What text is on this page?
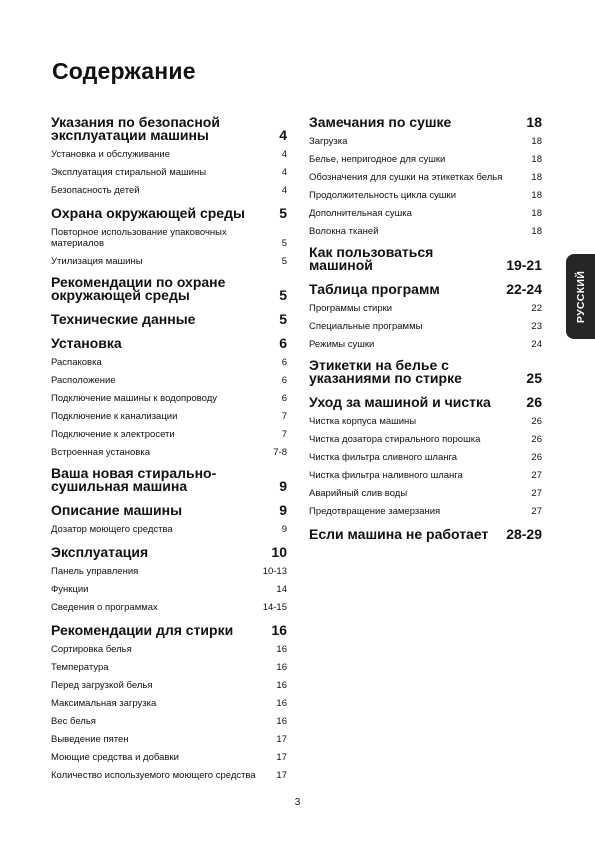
Содержание
Указания по безопасной
эксплуатации машины	4
Установка и обслуживание	4
Эксплуатация стиральной машины	4
Безопасность детей	4
Охрана окружающей среды	5
Повторное использование упаковочных
материалов	5
Утилизация машины	5
Рекомендации по охране
окружающей среды	5
Технические данные	5
Установка	6
Распаковка	6
Расположение	6
Подключение машины к водопроводу	6
Подключение к канализации	7
Подключение к электросети	7
Встроенная установка	7-8
Ваша новая стирально-
сушильная машина	9
Описание машины	9
Дозатор моющего средства	9
Эксплуатация	10
Панель управления	10-13
Функции	14
Сведения о программах	14-15
Рекомендации для стирки	16
Сортировка белья	16
Температура	16
Перед загрузкой белья	16
Максимальная загрузка	16
Вес белья	16
Выведение пятен	17
Моющие средства и добавки	17
Количество используемого моющего средства	17
Замечания по сушке	18
Загрузка	18
Белье, непригодное для сушки	18
Обозначения для сушки на этикетках белья	18
Продолжительность цикла сушки	18
Дополнительная сушка	18
Волокна тканей	18
Как пользоваться
машиной	19-21
Таблица программ	22-24
Программы стирки	22
Специальные программы	23
Режимы сушки	24
Этикетки на белье с
указаниями по стирке	25
Уход за машиной и чистка	26
Чистка корпуса машины	26
Чистка дозатора стирального порошка	26
Чистка фильтра сливного шланга	26
Чистка фильтра наливного шланга	27
Аварийный слив воды	27
Предотвращение замерзания	27
Если машина не работает	28-29
РУССКИЙ
3
